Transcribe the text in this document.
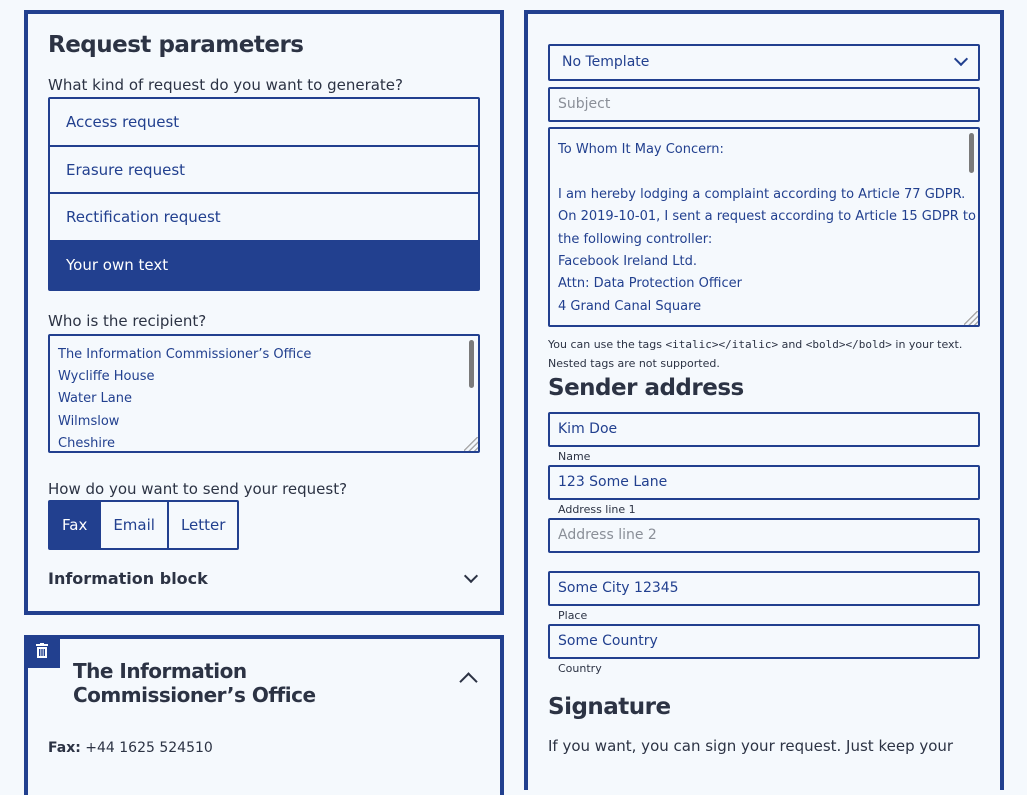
Request parameters
What kind of request do you want to generate?
Access request
Erasure request
Rectification request
Your own text
Who is the recipient?
The Information Commissioner’s Office
Wycliffe House
Water Lane
Wilmslow
Cheshire
How do you want to send your request?
Fax	Email	Letter
Information block
The Information Commissioner’s Office
Fax: +44 1625 524510
No Template
Subject
To Whom It May Concern:
I am hereby lodging a complaint according to Article 77 GDPR.
On 2019-10-01, I sent a request according to Article 15 GDPR to
the following controller:
Facebook Ireland Ltd.
Attn: Data Protection Officer
4 Grand Canal Square
You can use the tags <italic></italic> and <bold></bold> in your text.
Nested tags are not supported.
Sender address
Kim Doe
Name
123 Some Lane
Address line 1
Address line 2
Some City 12345
Place
Some Country
Country
Signature
If you want, you can sign your request. Just keep your
